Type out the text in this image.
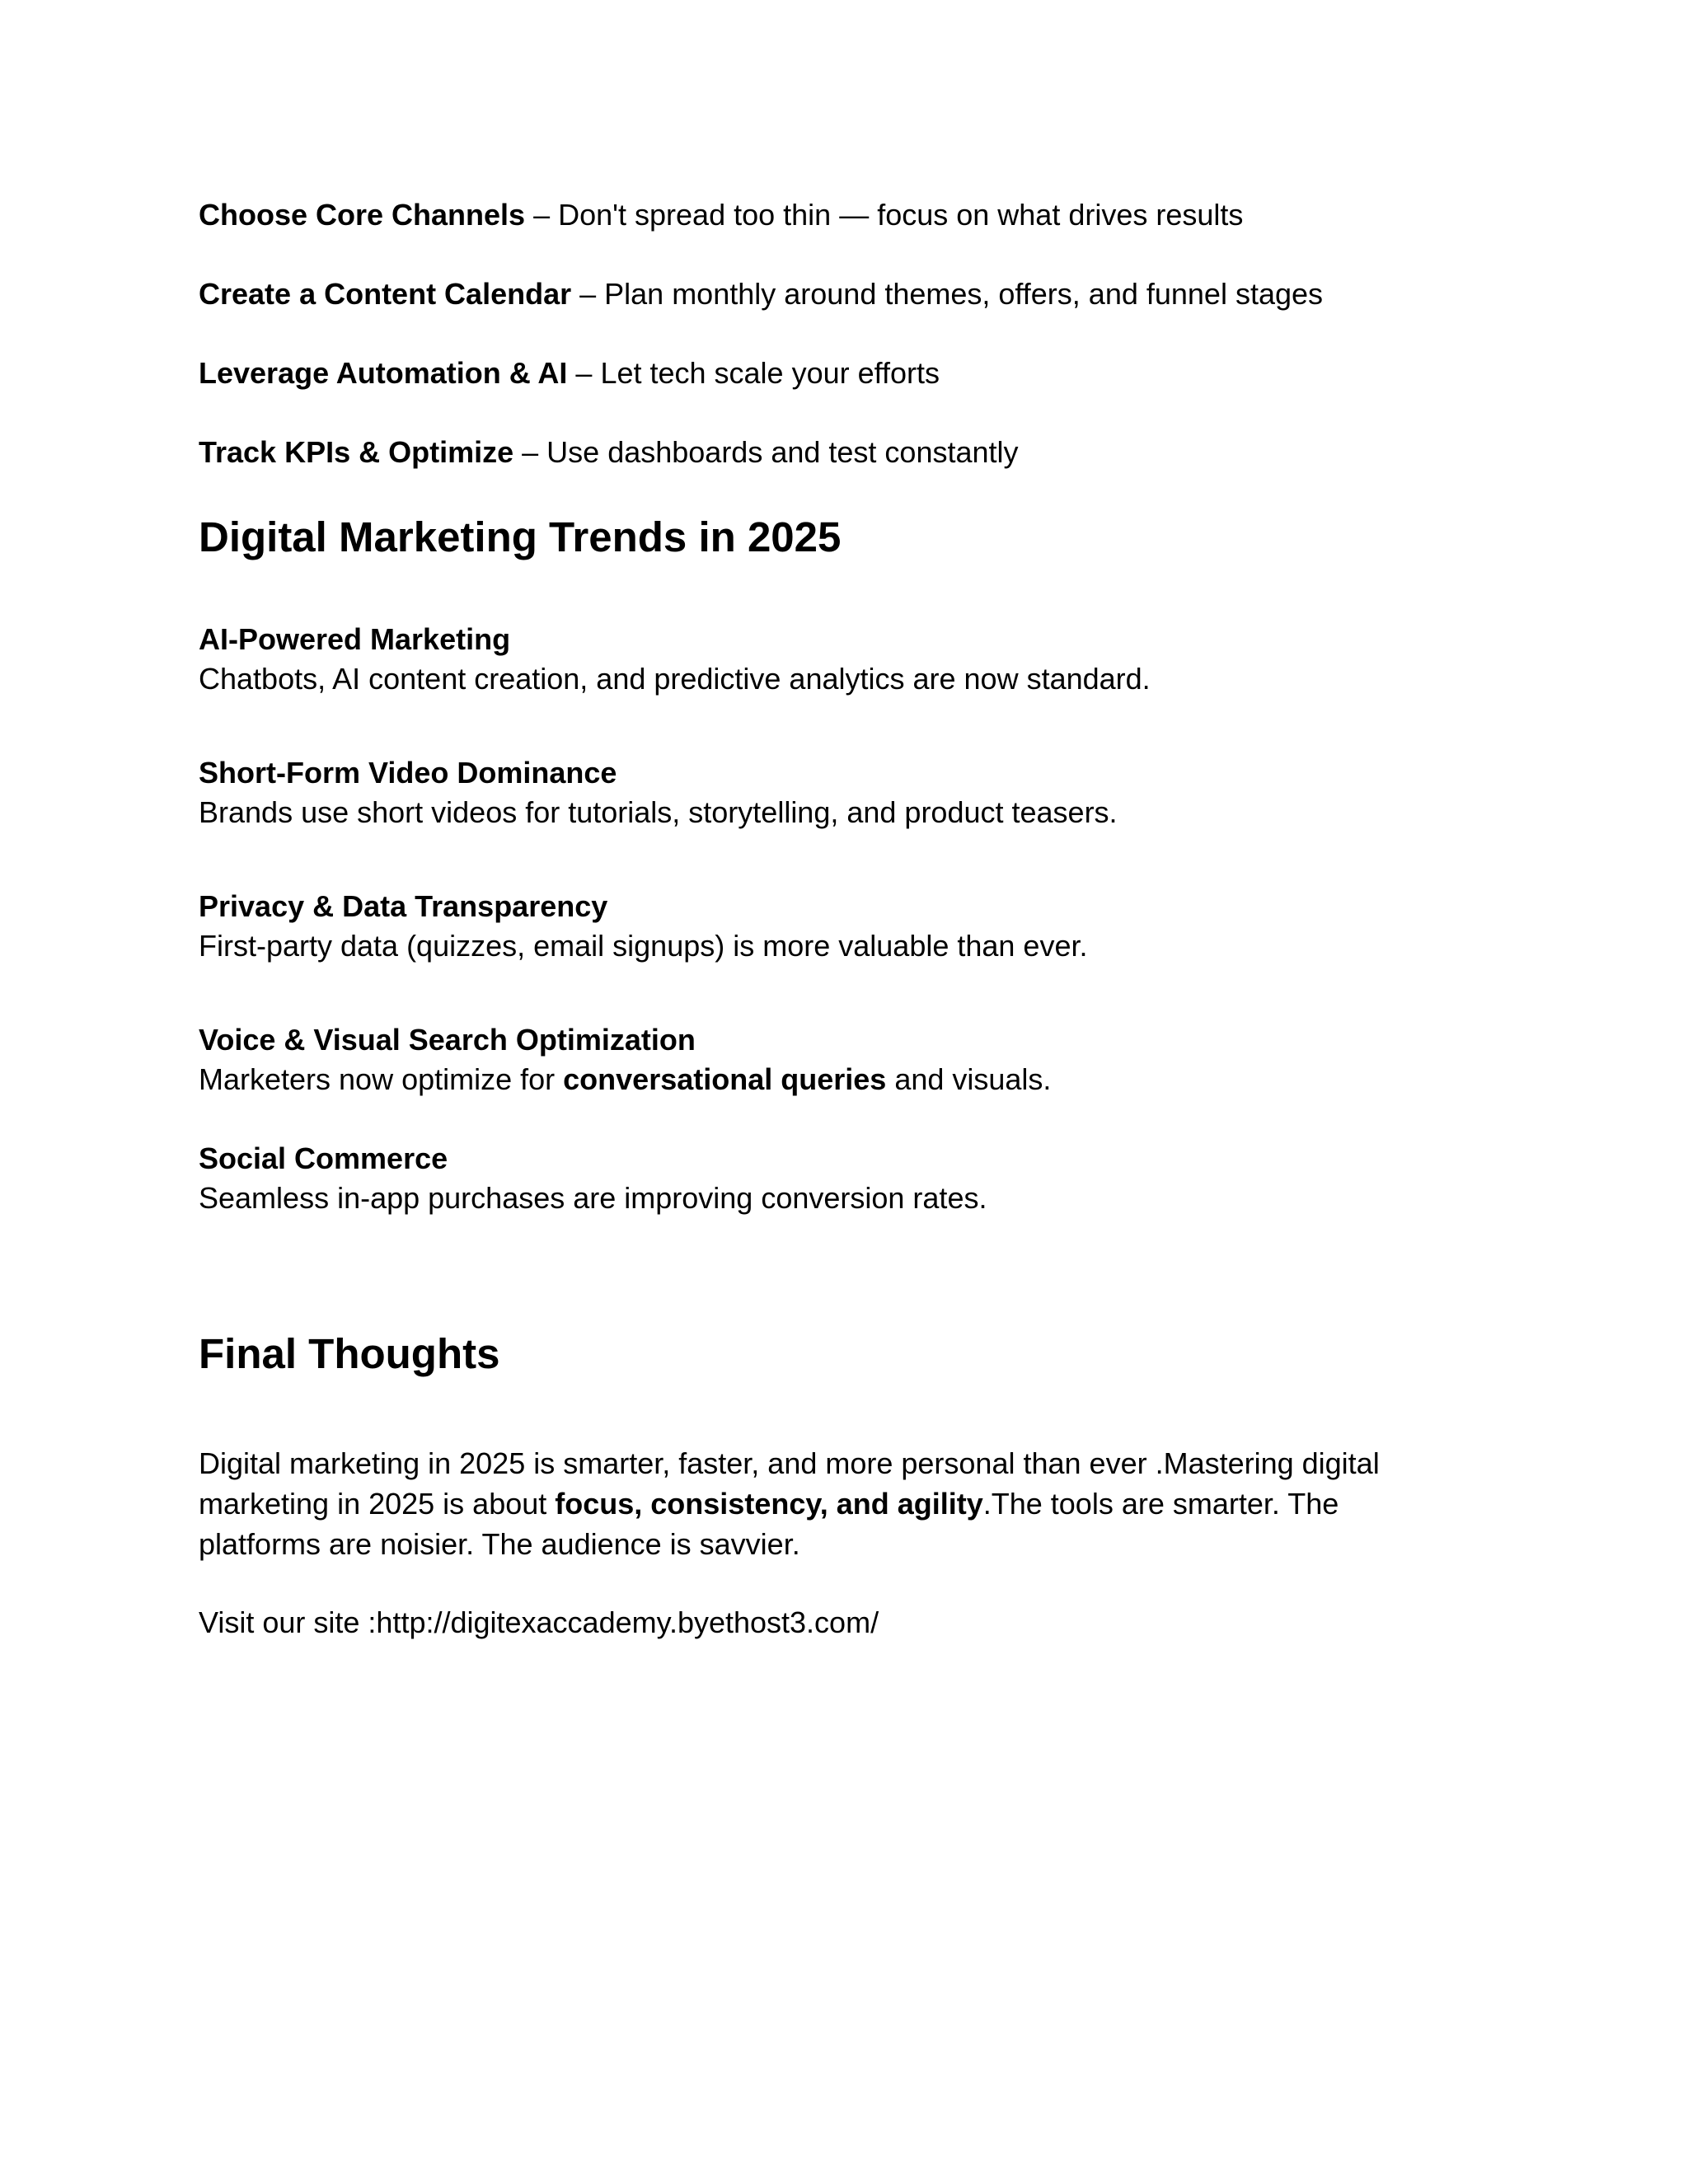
Choose Core Channels – Don't spread too thin — focus on what drives results

Create a Content Calendar – Plan monthly around themes, offers, and funnel stages

Leverage Automation & AI – Let tech scale your efforts

Track KPIs & Optimize – Use dashboards and test constantly

Digital Marketing Trends in 2025

AI-Powered Marketing

Chatbots, AI content creation, and predictive analytics are now standard.

Short-Form Video Dominance

Brands use short videos for tutorials, storytelling, and product teasers.

Privacy & Data Transparency

First-party data (quizzes, email signups) is more valuable than ever.

Voice & Visual Search Optimization

Marketers now optimize for conversational queries and visuals.

Social Commerce

Seamless in-app purchases are improving conversion rates.

Final Thoughts

Digital marketing in 2025 is smarter, faster, and more personal than ever .Mastering digital marketing in 2025 is about focus, consistency, and agility.The tools are smarter. The platforms are noisier. The audience is savvier.

Visit our site :http://digitexaccademy.byethost3.com/
